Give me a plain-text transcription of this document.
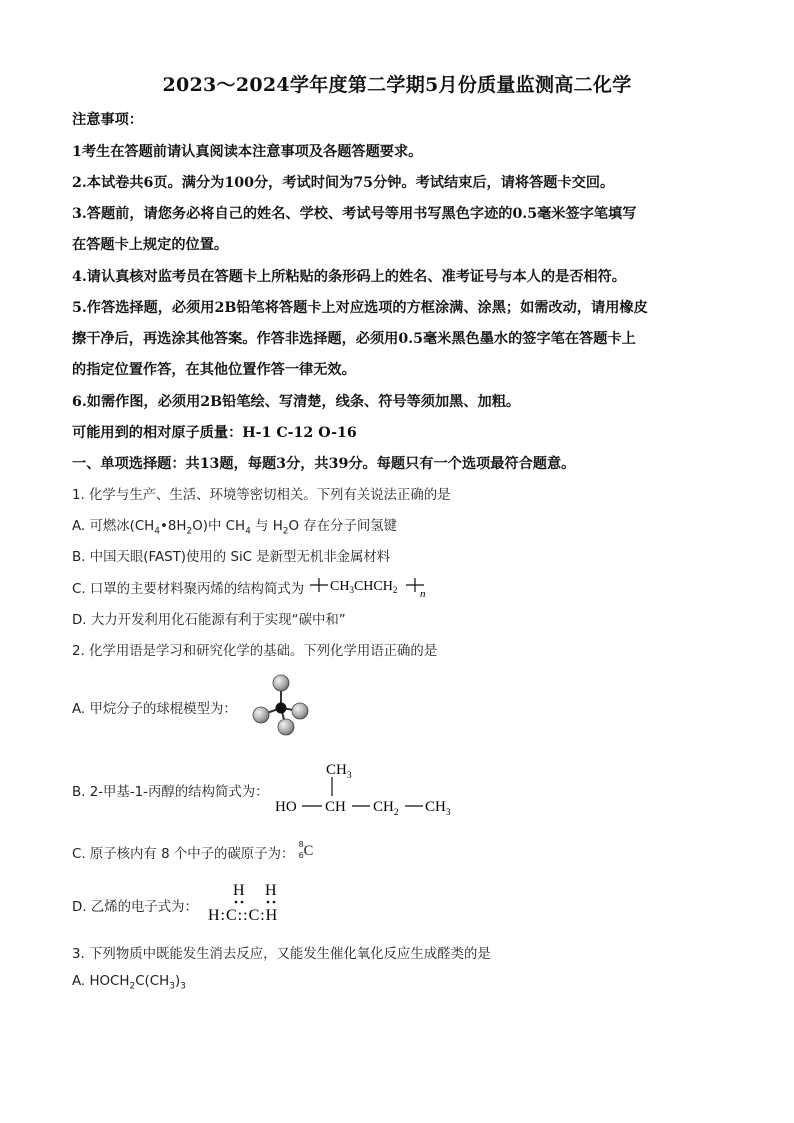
2023～2024学年度第二学期5月份质量监测高二化学
注意事项：
1考生在答题前请认真阅读本注意事项及各题答题要求。
2.本试卷共6页。满分为100分，考试时间为75分钟。考试结束后，请将答题卡交回。
3.答题前，请您务必将自己的姓名、学校、考试号等用书写黑色字迹的0.5毫米签字笔填写
在答题卡上规定的位置。
4.请认真核对监考员在答题卡上所粘贴的条形码上的姓名、准考证号与本人的是否相符。
5.作答选择题，必须用2B铅笔将答题卡上对应选项的方框涂满、涂黑；如需改动，请用橡皮
擦干净后，再选涂其他答案。作答非选择题，必须用0.5毫米黑色墨水的签字笔在答题卡上
的指定位置作答，在其他位置作答一律无效。
6.如需作图，必须用2B铅笔绘、写清楚，线条、符号等须加黑、加粗。
可能用到的相对原子质量：H-1 C-12 O-16
一、单项选择题：共13题，每题3分，共39分。每题只有一个选项最符合题意。
1. 化学与生产、生活、环境等密切相关。下列有关说法正确的是
A. 可燃冰$(CH_4•8H_2O)$中 $CH_4$ 与 $H_2O$ 存在分子间氢键
B. 中国天眼(FAST)使用的 SiC 是新型无机非金属材料
C. 口罩的主要材料聚丙烯的结构简式为 $CH_3CHCH_2$ n
D. 大力开发利用化石能源有利于实现“碳中和”
2. 化学用语是学习和研究化学的基础。下列化学用语正确的是
A. 甲烷分子的球棍模型为：
B. 2-甲基-1-丙醇的结构简式为：
$CH_3$
HO CH $CH_2$ $CH_3$
C. 原子核内有 8 个中子的碳原子为：
8
6 C
D. 乙烯的电子式为：
H H
H:C::C:H
3. 下列物质中既能发生消去反应，又能发生催化氧化反应生成醛类的是
A. $HOCH_2C(CH_3)_3$
